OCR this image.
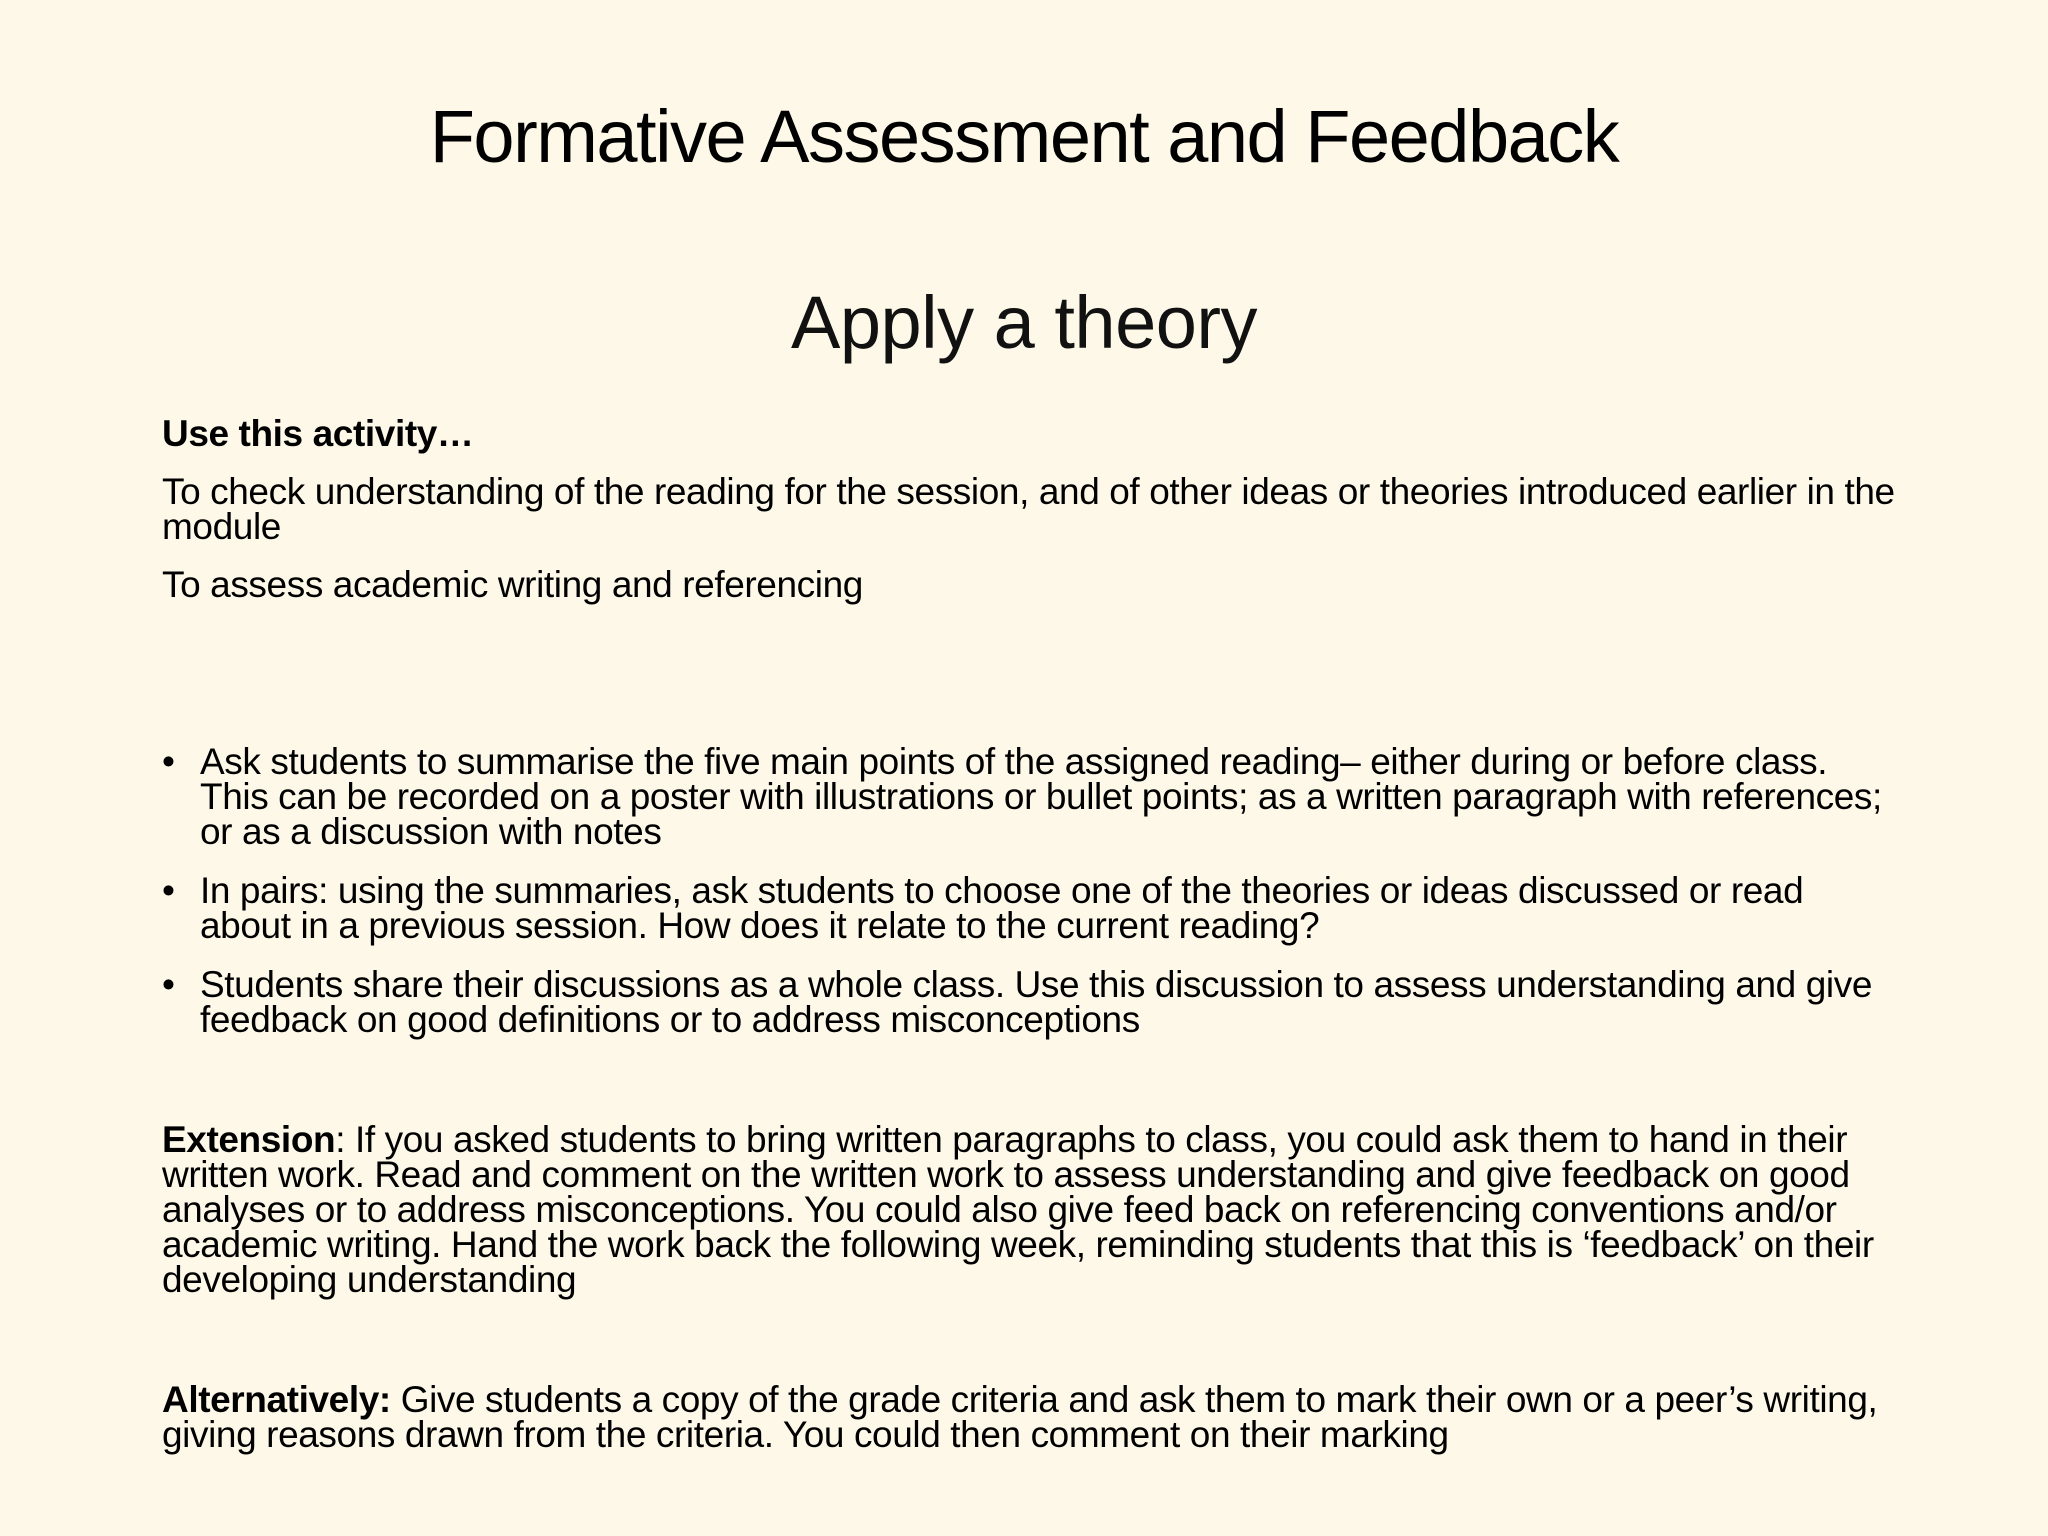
Formative Assessment and Feedback
Apply a theory
Use this activity…
To check understanding of the reading for the session, and of other ideas or theories introduced earlier in the module
To assess academic writing and referencing
• Ask students to summarise the five main points of the assigned reading– either during or before class. This can be recorded on a poster with illustrations or bullet points; as a written paragraph with references; or as a discussion with notes
• In pairs: using the summaries, ask students to choose one of the theories or ideas discussed or read about in a previous session. How does it relate to the current reading?
• Students share their discussions as a whole class. Use this discussion to assess understanding and give feedback on good definitions or to address misconceptions
Extension: If you asked students to bring written paragraphs to class, you could ask them to hand in their written work. Read and comment on the written work to assess understanding and give feedback on good analyses or to address misconceptions. You could also give feed back on referencing conventions and/or academic writing. Hand the work back the following week, reminding students that this is ‘feedback’ on their developing understanding
Alternatively: Give students a copy of the grade criteria and ask them to mark their own or a peer’s writing, giving reasons drawn from the criteria. You could then comment on their marking
